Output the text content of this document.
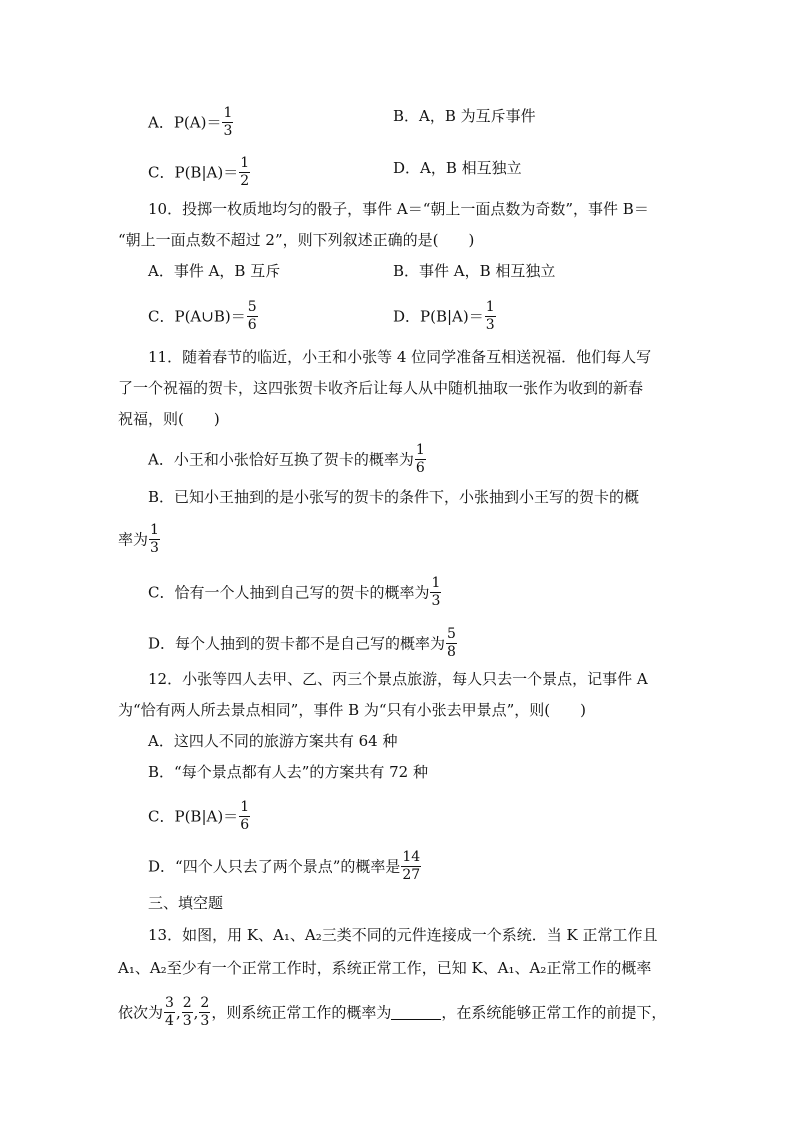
A．$P(A)= \frac{1}{3}$	B．A，B 为互斥事件
C．$P(B|A)= \frac{1}{2}$	D．A，B 相互独立
10．投掷一枚质地均匀的骰子，事件 A＝“朝上一面点数为奇数”，事件 B＝
“朝上一面点数不超过 2”，则下列叙述正确的是(　　)
A．事件 A，B 互斥	B．事件 A，B 相互独立
C．P(A∪B)＝ $\frac{5}{6}$	D．$P(B|A)= \frac{1}{3}$
11．随着春节的临近，小王和小张等 4 位同学准备互相送祝福．他们每人写
了一个祝福的贺卡，这四张贺卡收齐后让每人从中随机抽取一张作为收到的新春
祝福，则(　　)
A．小王和小张恰好互换了贺卡的概率为 $\frac{1}{6}$
B．已知小王抽到的是小张写的贺卡的条件下，小张抽到小王写的贺卡的概
率为 $\frac{1}{3}$
C．恰有一个人抽到自己写的贺卡的概率为 $\frac{1}{3}$
D．每个人抽到的贺卡都不是自己写的概率为 $\frac{5}{8}$
12．小张等四人去甲、乙、丙三个景点旅游，每人只去一个景点，记事件 A
为“恰有两人所去景点相同”，事件 B 为“只有小张去甲景点”，则(　　)
A．这四人不同的旅游方案共有 64 种
B．“每个景点都有人去”的方案共有 72 种
C．$P(B|A)= \frac{1}{6}$
D．“四个人只去了两个景点”的概率是 $\frac{14}{27}$
三、填空题
13．如图，用 K、A₁、A₂三类不同的元件连接成一个系统．当 K 正常工作且
A₁、A₂至少有一个正常工作时，系统正常工作，已知 K、A₁、A₂正常工作的概率
依次为 $\frac{3}{4}$ , $\frac{2}{3}$ , $\frac{2}{3}$ ，则系统正常工作的概率为	，在系统能够正常工作的前提下，
